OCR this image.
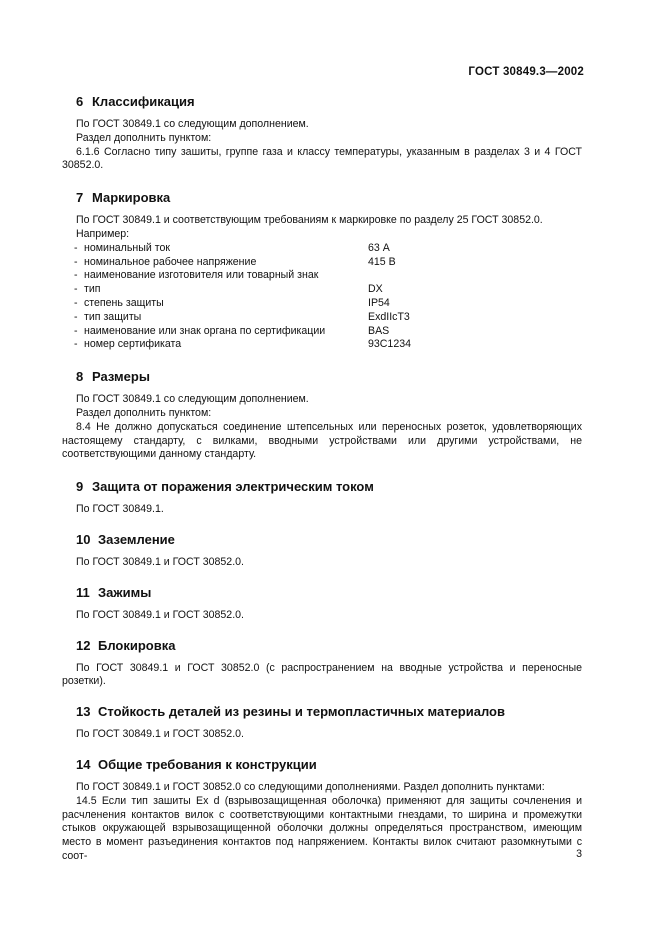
ГОСТ 30849.3—2002
6 Классификация

По ГОСТ 30849.1 со следующим дополнением.

Раздел дополнить пунктом:

6.1.6 Согласно типу зашиты, группе газа и классу температуры, указанным в разделах 3 и 4 ГОСТ 30852.0.

7 Маркировка

По ГОСТ 30849.1 и соответствующим требованиям к маркировке по разделу 25 ГОСТ 30852.0.

Например:

- номинальный ток	63 А
- номинальное рабочее напряжение	415 В
- наименование изготовителя или товарный знак
- тип	DX
- степень защиты	IP54
- тип защиты	ExdIIcT3
- наименование или знак органа по сертификации	BAS
- номер сертификата	93C1234
8 Размеры

По ГОСТ 30849.1 со следующим дополнением.

Раздел дополнить пунктом:

8.4 Не должно допускаться соединение штепсельных или переносных розеток, удовлетворяющих настоящему стандарту, с вилками, вводными устройствами или другими устройствами, не соответствующими данному стандарту.

9 Защита от поражения электрическим током

По ГОСТ 30849.1.

10 Заземление

По ГОСТ 30849.1 и ГОСТ 30852.0.

11 Зажимы

По ГОСТ 30849.1 и ГОСТ 30852.0.

12 Блокировка

По ГОСТ 30849.1 и ГОСТ 30852.0 (с распространением на вводные устройства и переносные розетки).

13 Стойкость деталей из резины и термопластичных материалов

По ГОСТ 30849.1 и ГОСТ 30852.0.

14 Общие требования к конструкции

По ГОСТ 30849.1 и ГОСТ 30852.0 со следующими дополнениями. Раздел дополнить пунктами:

14.5 Если тип зашиты Ex d (взрывозащищенная оболочка) применяют для защиты сочленения и расчленения контактов вилок с соответствующими контактными гнездами, то ширина и промежутки стыков окружающей взрывозащищенной оболочки должны определяться пространством, имеющим место в момент разъединения контактов под напряжением. Контакты вилок считают разомкнутыми с соот-	3
